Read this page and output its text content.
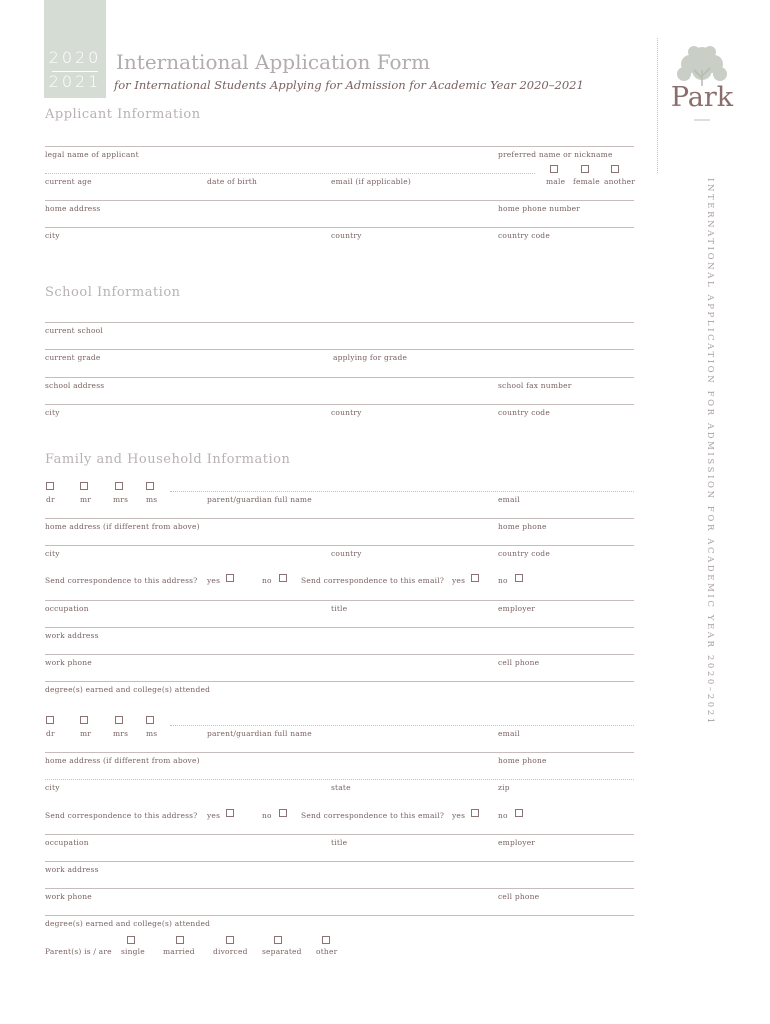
2020
2021
International Application Form
for International Students Applying for Admission for Academic Year 2020–2021	Park
INTERNATIONAL APPLICATION FOR ADMISSION FOR ACADEMIC YEAR 2020–2021
Applicant Information
legal name of applicant	preferred name or nickname
current age	date of birth	email (if applicable)	male female another
home address	home phone number
city	country	country code
School Information
current school
current grade	applying for grade
school address	school fax number
city	country	country code
Family and Household Information
dr	mr	mrs ms	parent/guardian full name	email
home address (if different from above)	home phone
city	country	country code
Send correspondence to this address? yes	no	Send correspondence to this email? yes	no
occupation	title	employer
work address
work phone	cell phone
degree(s) earned and college(s) attended
dr	mr	mrs ms	parent/guardian full name	email
home address (if different from above)	home phone
city	state	zip
Send correspondence to this address? yes	no	Send correspondence to this email? yes	no
occupation	title	employer
work address
work phone	cell phone
degree(s) earned and college(s) attended
Parent(s) is / are single married divorced separated other
